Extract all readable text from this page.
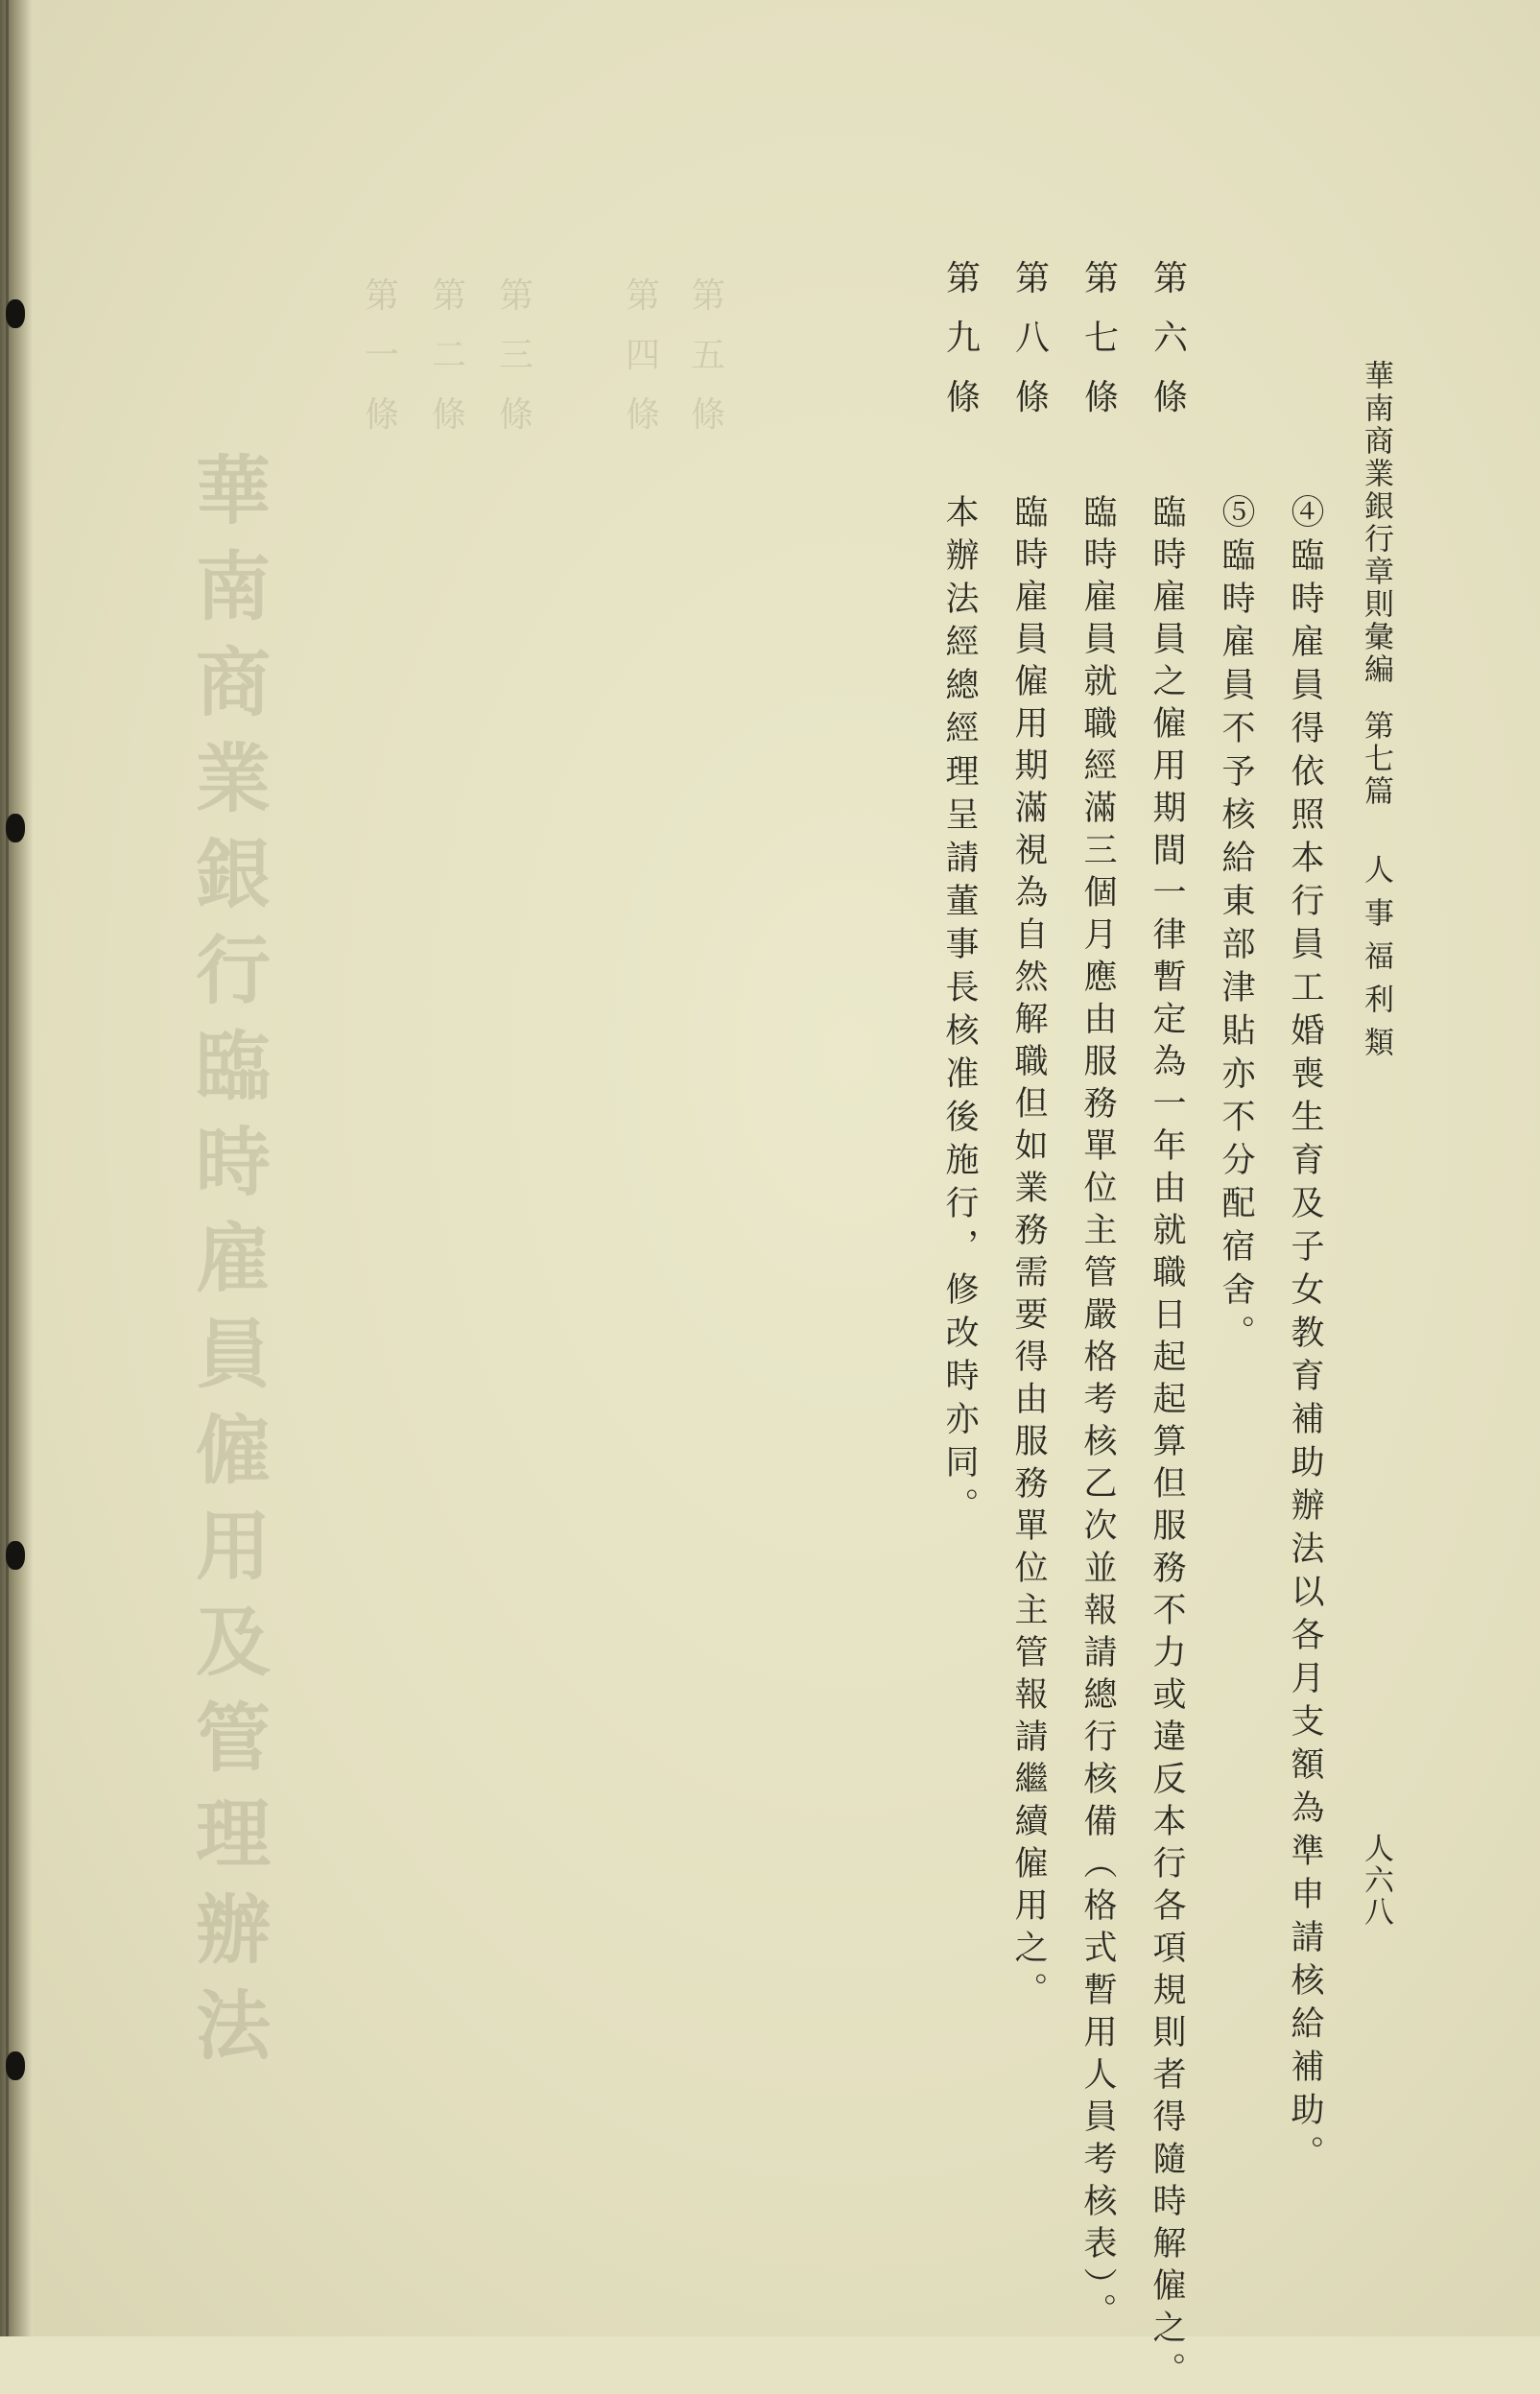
華南商業銀行臨時雇員僱用及管理辦法
第
五
條
第
四
條
第
三
條
第
二
條
第
一
條	華南商業銀行章則彙編
第七篇
人事福利類
人六八
④臨時雇員得依照本行員工婚喪生育及子女教育補助辦法以各月支額為準申請核給補助。
⑤臨時雇員不予核給東部津貼亦不分配宿舍。
第
六
條
臨時雇員之僱用期間一律暫定為一年由就職日起起算但服務不力或違反本行各項規則者得隨時解僱之。
第
七
條
臨時雇員就職經滿三個月應由服務單位主管嚴格考核乙次並報請總行核備（格式暫用人員考核表）。
第
八
條
臨時雇員僱用期滿視為自然解職但如業務需要得由服務單位主管報請繼續僱用之。
第
九
條
本辦法經總經理呈請董事長核准後施行，修改時亦同。
